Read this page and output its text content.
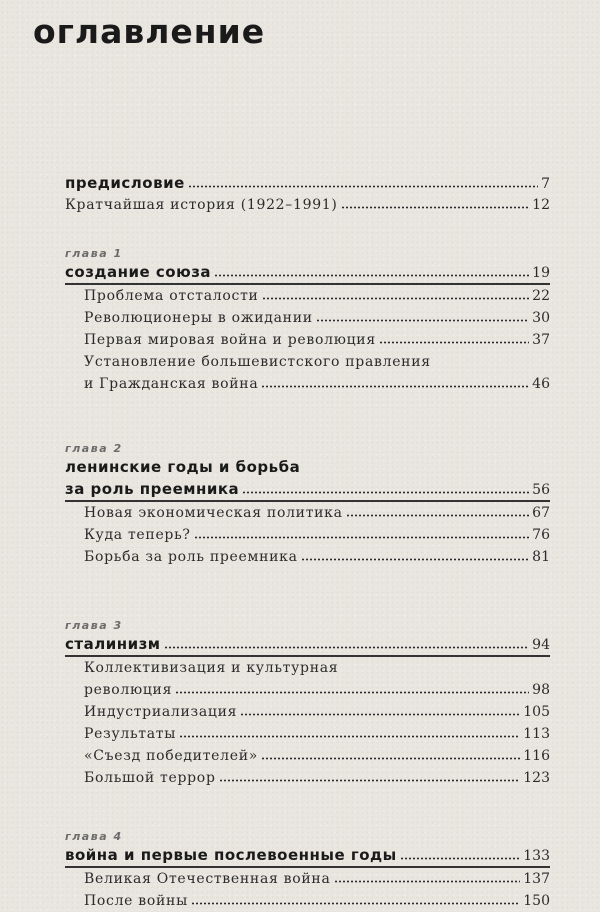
оглавление
предисловие	7
Кратчайшая история (1922–1991)	12
глава 1
создание союза	19
Проблема отсталости	22
Революционеры в ожидании	30
Первая мировая война и революция	37
Установление большевистского правления
и Гражданская война	46
глава 2
ленинские годы и борьба
за роль преемника	56
Новая экономическая политика	67
Куда теперь?	76
Борьба за роль преемника	81
глава 3
сталинизм	94
Коллективизация и культурная
революция	98
Индустриализация	105
Результаты	113
«Съезд победителей»	116
Большой террор	123
глава 4
война и первые послевоенные годы	133
Великая Отечественная война	137
После войны	150
